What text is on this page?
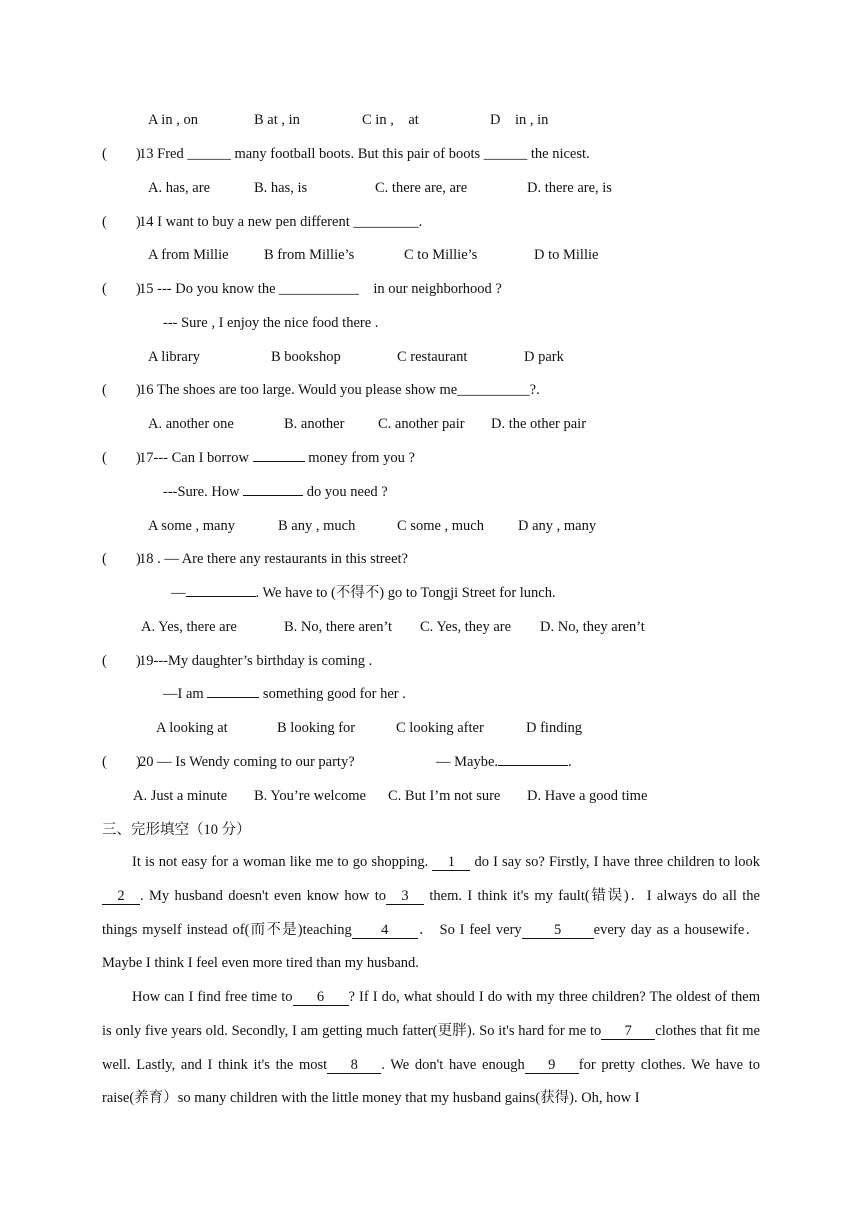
A in , on	B at , in	C in ,    at	D    in , in
(        )
13 Fred ______ many football boots. But this pair of boots ______ the nicest.
A. has, are	B. has, is	C. there are, are	D. there are, is
(        )
14 I want to buy a new pen different _________.
A from Millie B from Millie’s	C to Millie’s	D to Millie
(        )
15 --- Do you know the ___________    in our neighborhood ?
--- Sure , I enjoy the nice food there .
A library	B bookshop	C restaurant	D park
(        )
16 The shoes are too large. Would you please show me__________?.
A. another one	B. another C. another pair D. the other pair
(        )
17--- Can I borrow	money from you ?
---Sure. How	do you need ?
A some , many	B any , much	C some , much D any , many
(        )
18 . — Are there any restaurants in this street?
—	. We have to (不得不) go to Tongji Street for lunch.
A. Yes, there are	B. No, there aren’t C. Yes, they are D. No, they aren’t
(        )
19---My daughter’s birthday is coming .
—I am	something good for her .
A looking at	B looking for	C looking after	D finding
(        )
20 — Is Wendy coming to our party?	— Maybe.	.
A. Just a minute B. You’re welcome C. But I’m not sure D. Have a good time
三、完形填空（10 分）
It is not easy for a woman like me to go shopping. 1 do I say so? Firstly, I have three children to look2 . My husband doesn't even know how to 3 them. I think it's my fault(错误)．I always do all the things myself instead of(而不是)teaching 4 ． So I feel very 5 every day as a housewife．Maybe I think I feel even more tired than my husband.
How can I find free time to 6 ? If I do, what should I do with my three children? The oldest of them is only five years old. Secondly, I am getting much fatter(更胖). So it's hard for me to 7 clothes that fit me well. Lastly, and I think it's the most 8 . We don't have enough 9 for pretty clothes. We have to raise(养育）so many children with the little money that my husband gains(获得). Oh, how I
